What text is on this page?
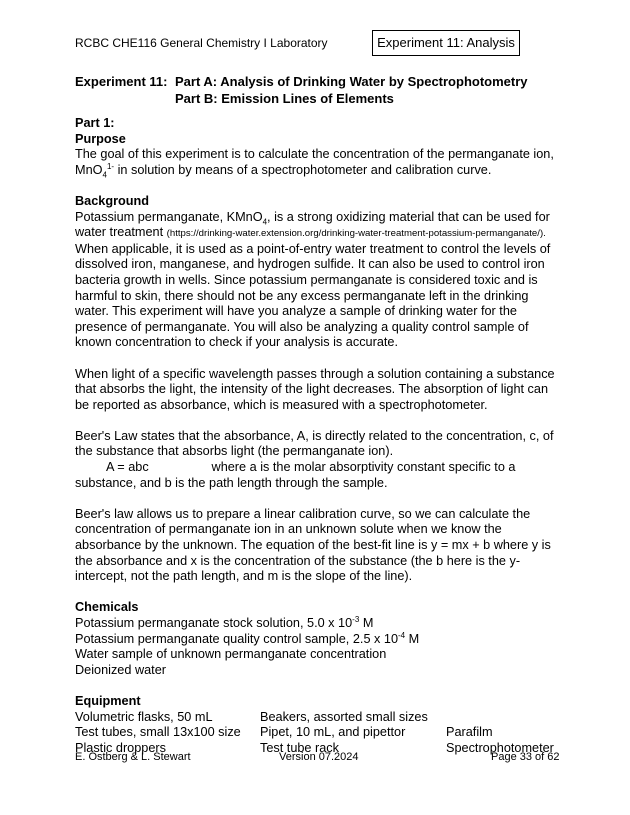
RCBC CHE116 General Chemistry I Laboratory	Experiment 11: Analysis
Experiment 11: Part A: Analysis of Drinking Water by Spectrophotometry
Part B: Emission Lines of Elements
Part 1:
Purpose

The goal of this experiment is to calculate the concentration of the permanganate ion, MnO$_4^{1-}$ in solution by means of a spectrophotometer and calibration curve.

Background

Potassium permanganate, KMnO$_4$, is a strong oxidizing material that can be used for water treatment (https://drinking-water.extension.org/drinking-water-treatment-potassium-permanganate/). When applicable, it is used as a point-of-entry water treatment to control the levels of dissolved iron, manganese, and hydrogen sulfide. It can also be used to control iron bacteria growth in wells. Since potassium permanganate is considered toxic and is harmful to skin, there should not be any excess permanganate left in the drinking water. This experiment will have you analyze a sample of drinking water for the presence of permanganate. You will also be analyzing a quality control sample of known concentration to check if your analysis is accurate.

When light of a specific wavelength passes through a solution containing a substance that absorbs the light, the intensity of the light decreases. The absorption of light can be reported as absorbance, which is measured with a spectrophotometer.

Beer's Law states that the absorbance, A, is directly related to the concentration, c, of the substance that absorbs light (the permanganate ion).

A = abc	where a is the molar absorptivity constant specific to a substance, and b is the path length through the sample.

Beer's law allows us to prepare a linear calibration curve, so we can calculate the concentration of permanganate ion in an unknown solute when we know the absorbance by the unknown. The equation of the best-fit line is y = mx + b where y is the absorbance and x is the concentration of the substance (the b here is the y-intercept, not the path length, and m is the slope of the line).

Chemicals

Potassium permanganate stock solution, 5.0 x $10^{-3}$ M

Potassium permanganate quality control sample, 2.5 x $10^{-4}$ M

Water sample of unknown permanganate concentration

Deionized water

Equipment
Volumetric flasks, 50 mL	Beakers, assorted small sizes
Test tubes, small 13x100 size	Pipet, 10 mL, and pipettor	Parafilm
Plastic droppers	Test tube rack	Spectrophotometer
E. Ostberg & L. Stewart	Version 07.2024	Page 33 of 62
